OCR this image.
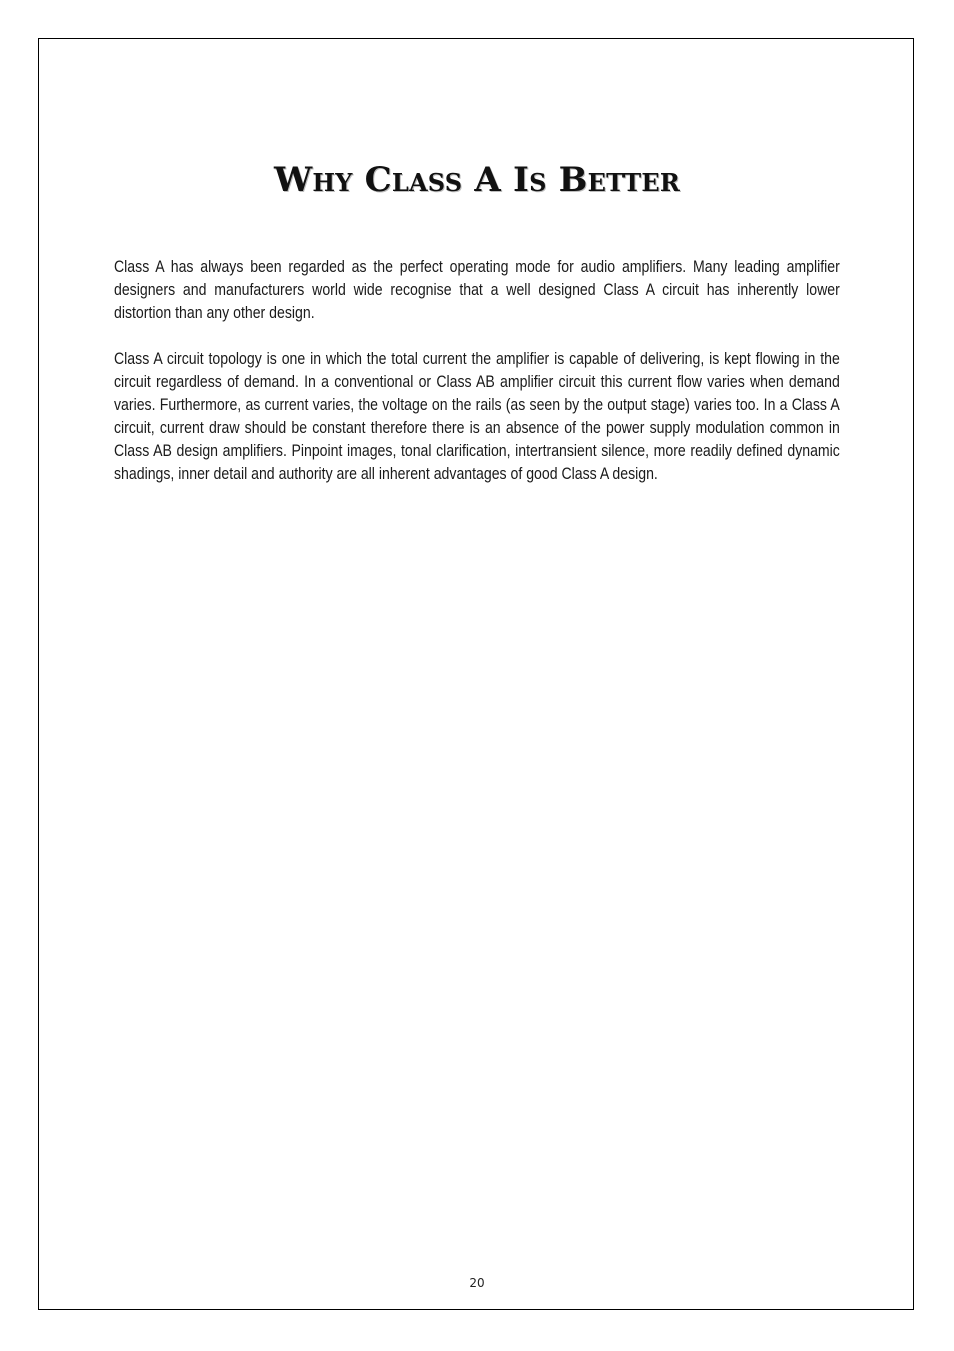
Why Class A Is Better

Class A has always been regarded as the perfect operating mode for audio amplifiers. Many leading amplifier designers and manufacturers world wide recognise that a well designed Class A circuit has inherently lower distortion than any other design.

Class A circuit topology is one in which the total current the amplifier is capable of delivering, is kept flowing in the circuit regardless of demand. In a conventional or Class AB amplifier circuit this current flow varies when demand varies. Furthermore, as current varies, the voltage on the rails (as seen by the output stage) varies too. In a Class A circuit, current draw should be constant therefore there is an absence of the power supply modulation common in Class AB design amplifiers. Pinpoint images, tonal clarification, intertransient silence, more readily defined dynamic shadings, inner detail and authority are all inherent advantages of good Class A design.

20
